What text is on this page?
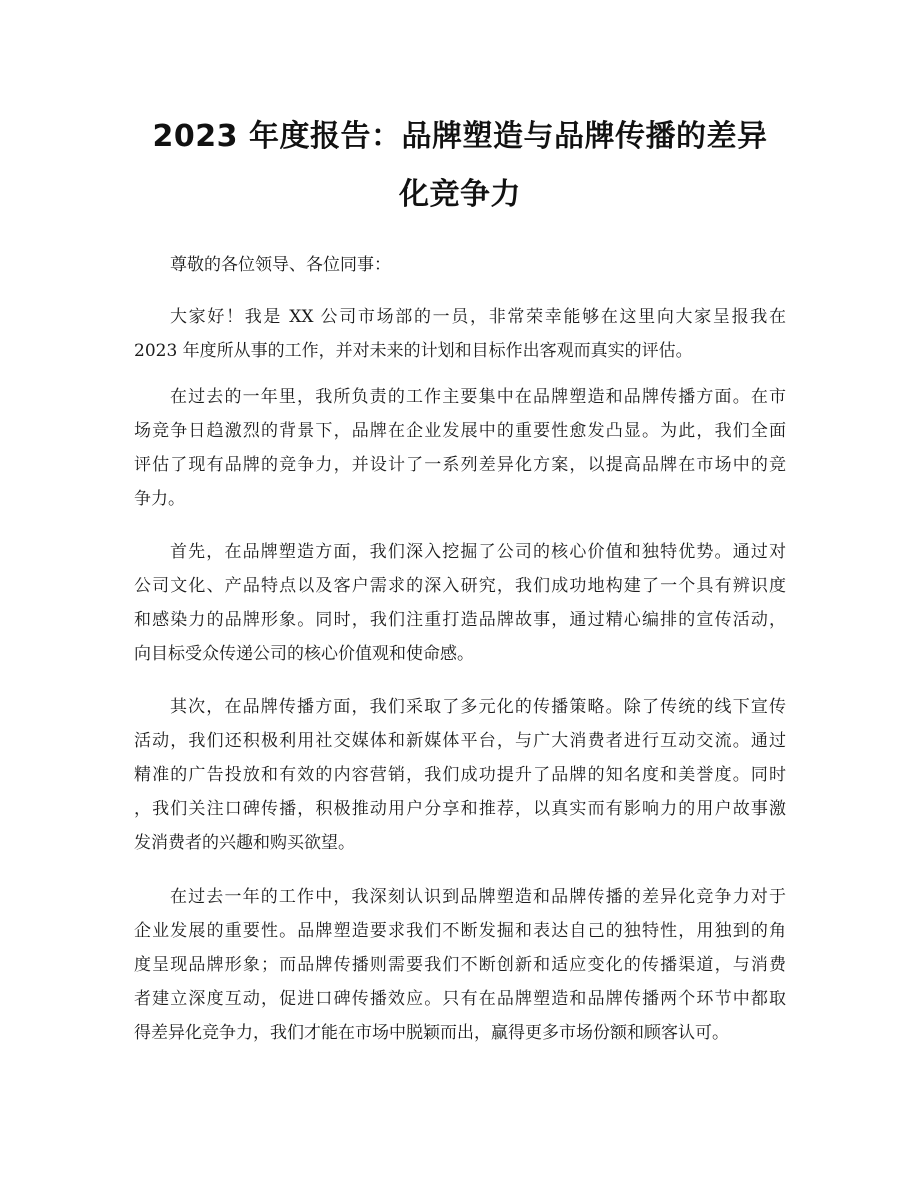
2023 年度报告：品牌塑造与品牌传播的差异
化竞争力
尊敬的各位领导、各位同事：

大家好！我是 XX 公司市场部的一员，非常荣幸能够在这里向大家呈报我在
2023 年度所从事的工作，并对未来的计划和目标作出客观而真实的评估。

在过去的一年里，我所负责的工作主要集中在品牌塑造和品牌传播方面。在市
场竞争日趋激烈的背景下，品牌在企业发展中的重要性愈发凸显。为此，我们全面
评估了现有品牌的竞争力，并设计了一系列差异化方案，以提高品牌在市场中的竞
争力。

首先，在品牌塑造方面，我们深入挖掘了公司的核心价值和独特优势。通过对
公司文化、产品特点以及客户需求的深入研究，我们成功地构建了一个具有辨识度
和感染力的品牌形象。同时，我们注重打造品牌故事，通过精心编排的宣传活动，
向目标受众传递公司的核心价值观和使命感。

其次，在品牌传播方面，我们采取了多元化的传播策略。除了传统的线下宣传
活动，我们还积极利用社交媒体和新媒体平台，与广大消费者进行互动交流。通过
精准的广告投放和有效的内容营销，我们成功提升了品牌的知名度和美誉度。同时
，我们关注口碑传播，积极推动用户分享和推荐，以真实而有影响力的用户故事激
发消费者的兴趣和购买欲望。

在过去一年的工作中，我深刻认识到品牌塑造和品牌传播的差异化竞争力对于
企业发展的重要性。品牌塑造要求我们不断发掘和表达自己的独特性，用独到的角
度呈现品牌形象；而品牌传播则需要我们不断创新和适应变化的传播渠道，与消费
者建立深度互动，促进口碑传播效应。只有在品牌塑造和品牌传播两个环节中都取
得差异化竞争力，我们才能在市场中脱颖而出，赢得更多市场份额和顾客认可。
